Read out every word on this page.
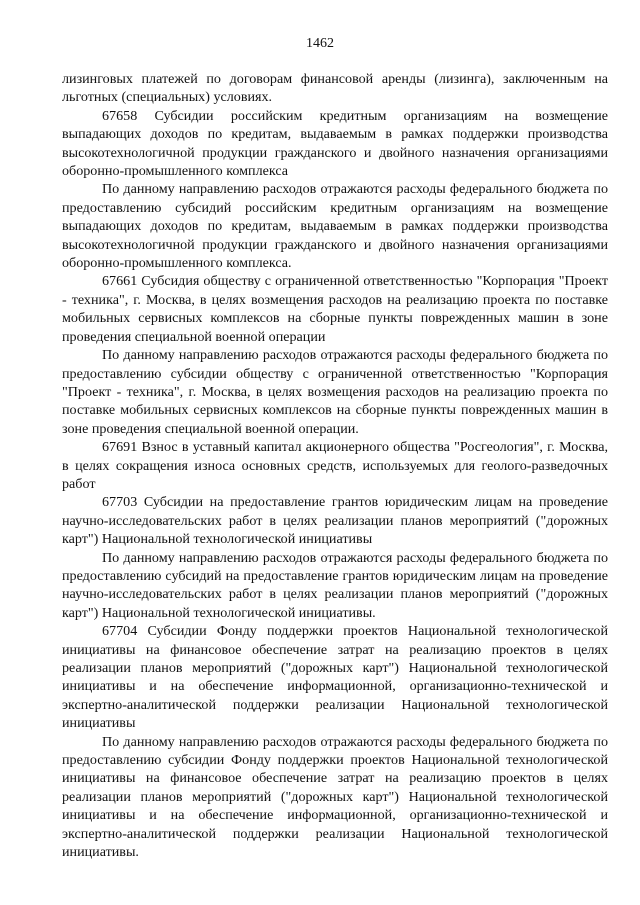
1462

лизинговых платежей по договорам финансовой аренды (лизинга), заключенным на льготных (специальных) условиях.

67658 Субсидии российским кредитным организациям на возмещение выпадающих доходов по кредитам, выдаваемым в рамках поддержки производства высокотехнологичной продукции гражданского и двойного назначения организациями оборонно-промышленного комплекса

По данному направлению расходов отражаются расходы федерального бюджета по предоставлению субсидий российским кредитным организациям на возмещение выпадающих доходов по кредитам, выдаваемым в рамках поддержки производства высокотехнологичной продукции гражданского и двойного назначения организациями оборонно-промышленного комплекса.

67661 Субсидия обществу с ограниченной ответственностью "Корпорация "Проект - техника", г. Москва, в целях возмещения расходов на реализацию проекта по поставке мобильных сервисных комплексов на сборные пункты поврежденных машин в зоне проведения специальной военной операции

По данному направлению расходов отражаются расходы федерального бюджета по предоставлению субсидии обществу с ограниченной ответственностью "Корпорация "Проект - техника", г. Москва, в целях возмещения расходов на реализацию проекта по поставке мобильных сервисных комплексов на сборные пункты поврежденных машин в зоне проведения специальной военной операции.

67691 Взнос в уставный капитал акционерного общества "Росгеология", г. Москва, в целях сокращения износа основных средств, используемых для геолого-разведочных работ

67703 Субсидии на предоставление грантов юридическим лицам на проведение научно-исследовательских работ в целях реализации планов мероприятий ("дорожных карт") Национальной технологической инициативы

По данному направлению расходов отражаются расходы федерального бюджета по предоставлению субсидий на предоставление грантов юридическим лицам на проведение научно-исследовательских работ в целях реализации планов мероприятий ("дорожных карт") Национальной технологической инициативы.

67704 Субсидии Фонду поддержки проектов Национальной технологической инициативы на финансовое обеспечение затрат на реализацию проектов в целях реализации планов мероприятий ("дорожных карт") Национальной технологической инициативы и на обеспечение информационной, организационно-технической и экспертно-аналитической поддержки реализации Национальной технологической инициативы

По данному направлению расходов отражаются расходы федерального бюджета по предоставлению субсидии Фонду поддержки проектов Национальной технологической инициативы на финансовое обеспечение затрат на реализацию проектов в целях реализации планов мероприятий ("дорожных карт") Национальной технологической инициативы и на обеспечение информационной, организационно-технической и экспертно-аналитической поддержки реализации Национальной технологической инициативы.
